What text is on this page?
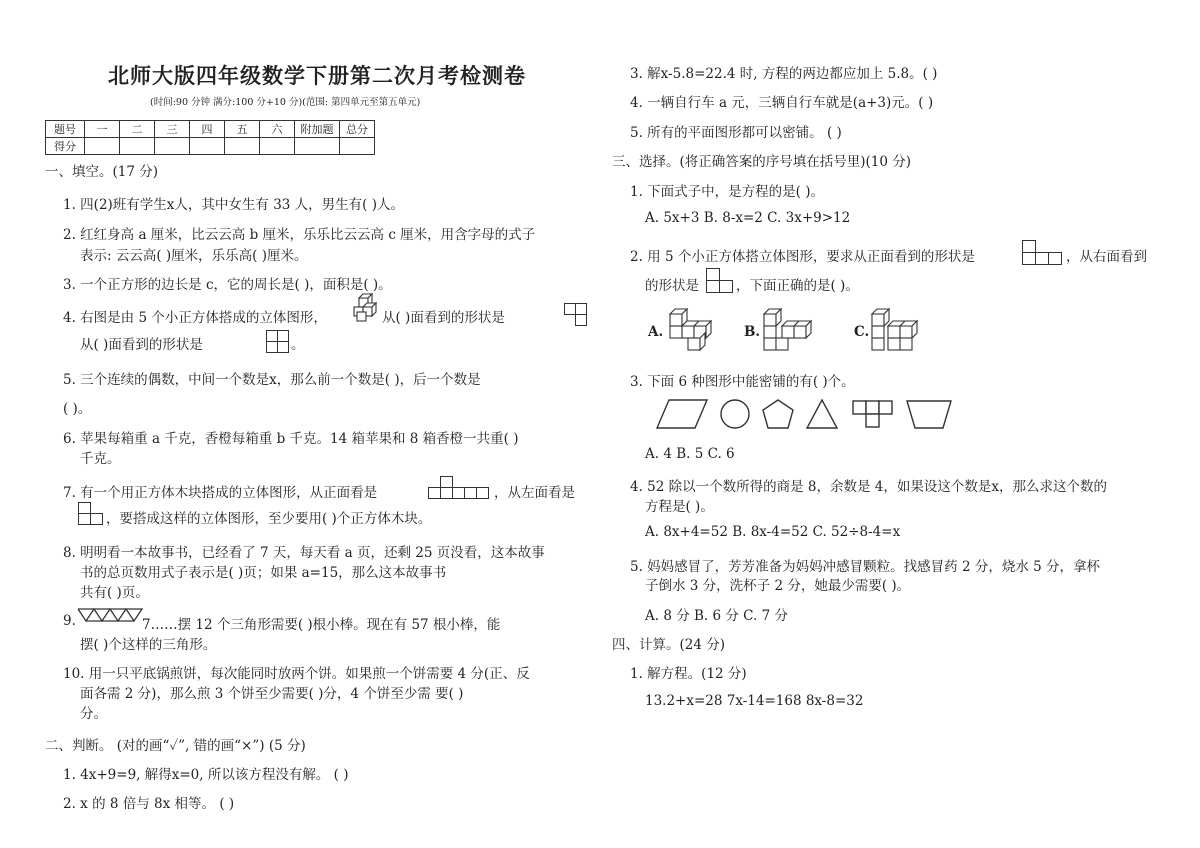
北师大版四年级数学下册第二次月考检测卷
(时间:90 分钟 满分:100 分+10 分)(范围: 第四单元至第五单元)
题号	一	二	三	四	五	六	附加题	总分
得分								
一、填空。(17 分)
1. 四(2)班有学生x人，其中女生有 33 人，男生有( )人。
2. 红红身高 a 厘米，比云云高 b 厘米，乐乐比云云高 c 厘米，用含字母的式子
表示: 云云高( )厘米，乐乐高( )厘米。
3. 一个正方形的边长是 c，它的周长是( )，面积是( )。
4. 右图是由 5 个小正方体搭成的立体图形，	从( )面看到的形状是
从( )面看到的形状是	。
5. 三个连续的偶数，中间一个数是x，那么前一个数是( )，后一个数是
( )。
6. 苹果每箱重 a 千克，香橙每箱重 b 千克。14 箱苹果和 8 箱香橙一共重( )
千克。
7. 有一个用正方体木块搭成的立体图形，从正面看是	，从左面看是
，要搭成这样的立体图形，至少要用( )个正方体木块。
8. 明明看一本故事书，已经看了 7 天，每天看 a 页，还剩 25 页没看，这本故事
书的总页数用式子表示是( )页；如果 a=15，那么这本故事书
共有( )页。
9.	7……摆 12 个三角形需要( )根小棒。现在有 57 根小棒，能
摆( )个这样的三角形。
10. 用一只平底锅煎饼，每次能同时放两个饼。如果煎一个饼需要 4 分(正、反
面各需 2 分)，那么煎 3 个饼至少需要( )分，4 个饼至少需 要( )
分。
二、判断。 (对的画“✓”, 错的画“×”) (5 分)
1. 4x+9=9, 解得x=0, 所以该方程没有解。 ( )
2. x 的 8 倍与 8x 相等。 ( )
3. 解x-5.8=22.4 时, 方程的两边都应加上 5.8。( )
4. 一辆自行车 a 元，三辆自行车就是(a+3)元。( )
5. 所有的平面图形都可以密铺。 ( )
三、选择。(将正确答案的序号填在括号里)(10 分)
1. 下面式子中，是方程的是( )。
A. 5x+3 B. 8-x=2 C. 3x+9>12
2. 用 5 个小正方体搭立体图形，要求从正面看到的形状是	，从右面看到
的形状是	，下面正确的是( )。
A.	B.	C.
3. 下面 6 种图形中能密铺的有( )个。
A. 4 B. 5 C. 6
4. 52 除以一个数所得的商是 8，余数是 4，如果设这个数是x，那么求这个数的
方程是( )。
A. 8x+4=52 B. 8x-4=52 C. 52÷8-4=x
5. 妈妈感冒了，芳芳准备为妈妈冲感冒颗粒。找感冒药 2 分，烧水 5 分，拿杯
子倒水 3 分，洗杯子 2 分，她最少需要( )。
A. 8 分 B. 6 分 C. 7 分
四、计算。(24 分)
1. 解方程。(12 分)
13.2+x=28 7x-14=168 8x-8=32
